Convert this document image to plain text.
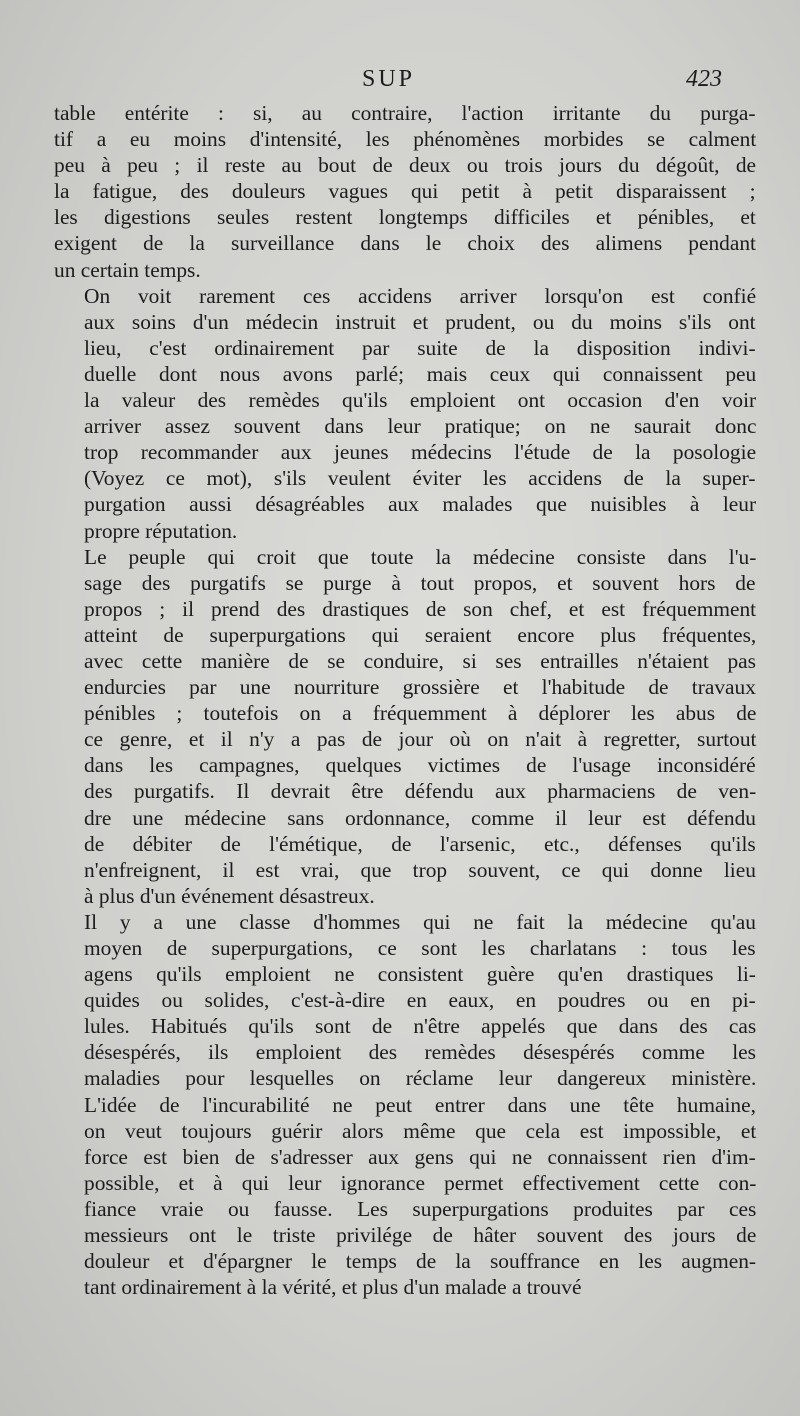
SUP	423

table entérite : si, au contraire, l'action irritante du purga-
tif a eu moins d'intensité, les phénomènes morbides se calment
peu à peu ; il reste au bout de deux ou trois jours du dégoût, de
la fatigue, des douleurs vagues qui petit à petit disparaissent ;
les digestions seules restent longtemps difficiles et pénibles, et
exigent de la surveillance dans le choix des alimens pendant
un certain temps.

On voit rarement ces accidens arriver lorsqu'on est confié
aux soins d'un médecin instruit et prudent, ou du moins s'ils ont
lieu, c'est ordinairement par suite de la disposition indivi-
duelle dont nous avons parlé; mais ceux qui connaissent peu
la valeur des remèdes qu'ils emploient ont occasion d'en voir
arriver assez souvent dans leur pratique; on ne saurait donc
trop recommander aux jeunes médecins l'étude de la posologie
(Voyez ce mot), s'ils veulent éviter les accidens de la super-
purgation aussi désagréables aux malades que nuisibles à leur
propre réputation.

Le peuple qui croit que toute la médecine consiste dans l'u-
sage des purgatifs se purge à tout propos, et souvent hors de
propos ; il prend des drastiques de son chef, et est fréquemment
atteint de superpurgations qui seraient encore plus fréquentes,
avec cette manière de se conduire, si ses entrailles n'étaient pas
endurcies par une nourriture grossière et l'habitude de travaux
pénibles ; toutefois on a fréquemment à déplorer les abus de
ce genre, et il n'y a pas de jour où on n'ait à regretter, surtout
dans les campagnes, quelques victimes de l'usage inconsidéré
des purgatifs. Il devrait être défendu aux pharmaciens de ven-
dre une médecine sans ordonnance, comme il leur est défendu
de débiter de l'émétique, de l'arsenic, etc., défenses qu'ils
n'enfreignent, il est vrai, que trop souvent, ce qui donne lieu
à plus d'un événement désastreux.

Il y a une classe d'hommes qui ne fait la médecine qu'au
moyen de superpurgations, ce sont les charlatans : tous les
agens qu'ils emploient ne consistent guère qu'en drastiques li-
quides ou solides, c'est-à-dire en eaux, en poudres ou en pi-
lules. Habitués qu'ils sont de n'être appelés que dans des cas
désespérés, ils emploient des remèdes désespérés comme les
maladies pour lesquelles on réclame leur dangereux ministère.
L'idée de l'incurabilité ne peut entrer dans une tête humaine,
on veut toujours guérir alors même que cela est impossible, et
force est bien de s'adresser aux gens qui ne connaissent rien d'im-
possible, et à qui leur ignorance permet effectivement cette con-
fiance vraie ou fausse. Les superpurgations produites par ces
messieurs ont le triste privilége de hâter souvent des jours de
douleur et d'épargner le temps de la souffrance en les augmen-
tant ordinairement à la vérité, et plus d'un malade a trouvé
